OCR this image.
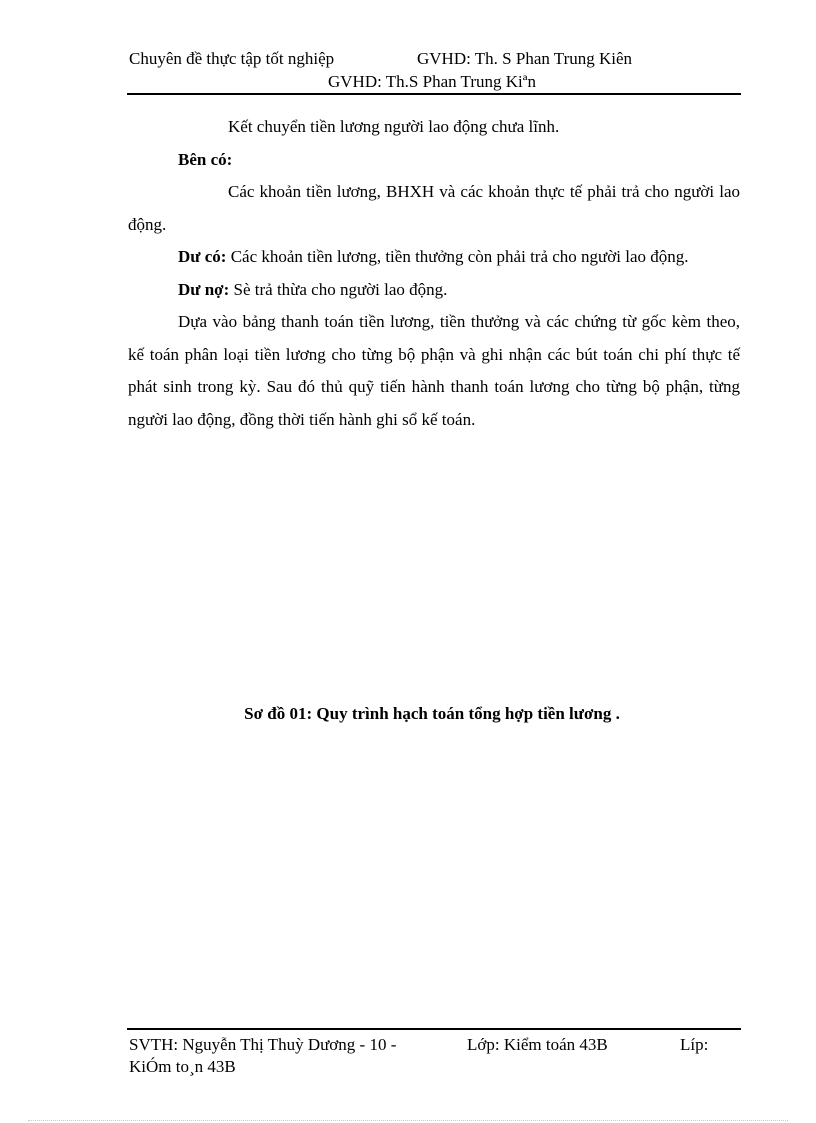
Chuyên đề thực tập tốt nghiệp	GVHD: Th. S Phan Trung Kiên
GVHD: Th.S Phan Trung Kiªn

Kết chuyển tiền lương người lao động chưa lĩnh.

Bên có:

Các khoản tiền lương, BHXH và các khoản thực tế phải trả cho người lao động.

Dư có: Các khoản tiền lương, tiền thưởng còn phải trả cho người lao động.

Dư nợ: Sè trả thừa cho người lao động.

Dựa vào bảng thanh toán tiền lương, tiền thưởng và các chứng từ gốc kèm theo, kế toán phân loại tiền lương cho từng bộ phận và ghi nhận các bút toán chi phí thực tế phát sinh trong kỳ. Sau đó thủ quỹ tiến hành thanh toán lương cho từng bộ phận, từng người lao động, đồng thời tiến hành ghi sổ kế toán.

Sơ đồ 01: Quy trình hạch toán tổng hợp tiền lương .
SVTH: Nguyễn Thị Thuỳ Dương - 10 -	Lớp: Kiểm toán 43B	Líp:
KiÓm to¸n 43B
